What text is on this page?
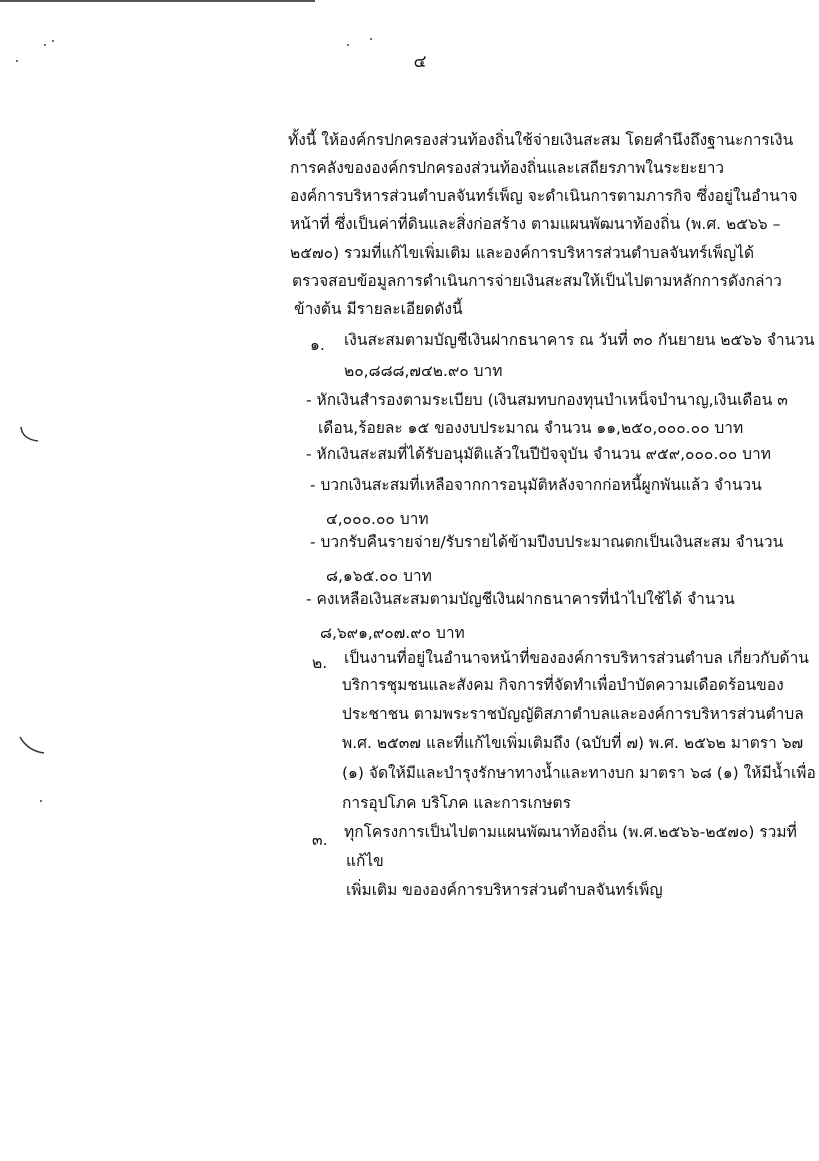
๔
ทั้งนี้ ให้องค์กรปกครองส่วนท้องถิ่นใช้จ่ายเงินสะสม โดยคำนึงถึงฐานะการเงิน
การคลังขององค์กรปกครองส่วนท้องถิ่นและเสถียรภาพในระยะยาว
องค์การบริหารส่วนตำบลจันทร์เพ็ญ จะดำเนินการตามภารกิจ ซึ่งอยู่ในอำนาจ
หน้าที่ ซึ่งเป็นค่าที่ดินและสิ่งก่อสร้าง ตามแผนพัฒนาท้องถิ่น (พ.ศ. ๒๕๖๖ –
๒๕๗๐) รวมที่แก้ไขเพิ่มเติม และองค์การบริหารส่วนตำบลจันทร์เพ็ญได้
ตรวจสอบข้อมูลการดำเนินการจ่ายเงินสะสมให้เป็นไปตามหลักการดังกล่าว
ข้างต้น มีรายละเอียดดังนี้
๑. เงินสะสมตามบัญชีเงินฝากธนาคาร ณ วันที่ ๓๐ กันยายน ๒๕๖๖ จำนวน
๒๐,๘๘๘,๗๔๒.๙๐ บาท
- หักเงินสำรองตามระเบียบ (เงินสมทบกองทุนบำเหน็จบำนาญ,เงินเดือน ๓
เดือน,ร้อยละ ๑๕ ของงบประมาณ จำนวน ๑๑,๒๕๐,๐๐๐.๐๐ บาท
- หักเงินสะสมที่ได้รับอนุมัติแล้วในปีปัจจุบัน จำนวน ๙๕๙,๐๐๐.๐๐ บาท
- บวกเงินสะสมที่เหลือจากการอนุมัติหลังจากก่อหนี้ผูกพันแล้ว จำนวน
๔,๐๐๐.๐๐ บาท
- บวกรับคืนรายจ่าย/รับรายได้ข้ามปีงบประมาณตกเป็นเงินสะสม จำนวน
๘,๑๖๕.๐๐ บาท
- คงเหลือเงินสะสมตามบัญชีเงินฝากธนาคารที่นำไปใช้ได้ จำนวน
๘,๖๙๑,๙๐๗.๙๐ บาท
๒. เป็นงานที่อยู่ในอำนาจหน้าที่ขององค์การบริหารส่วนตำบล เกี่ยวกับด้าน
บริการชุมชนและสังคม กิจการที่จัดทำเพื่อบำบัดความเดือดร้อนของ
ประชาชน ตามพระราชบัญญัติสภาตำบลและองค์การบริหารส่วนตำบล
พ.ศ. ๒๕๓๗ และที่แก้ไขเพิ่มเติมถึง (ฉบับที่ ๗) พ.ศ. ๒๕๖๒ มาตรา ๖๗
(๑) จัดให้มีและบำรุงรักษาทางน้ำและทางบก มาตรา ๖๘ (๑) ให้มีน้ำเพื่อ
การอุปโภค บริโภค และการเกษตร
๓. ทุกโครงการเป็นไปตามแผนพัฒนาท้องถิ่น (พ.ศ.๒๕๖๖-๒๕๗๐) รวมที่
แก้ไข
เพิ่มเติม ขององค์การบริหารส่วนตำบลจันทร์เพ็ญ
